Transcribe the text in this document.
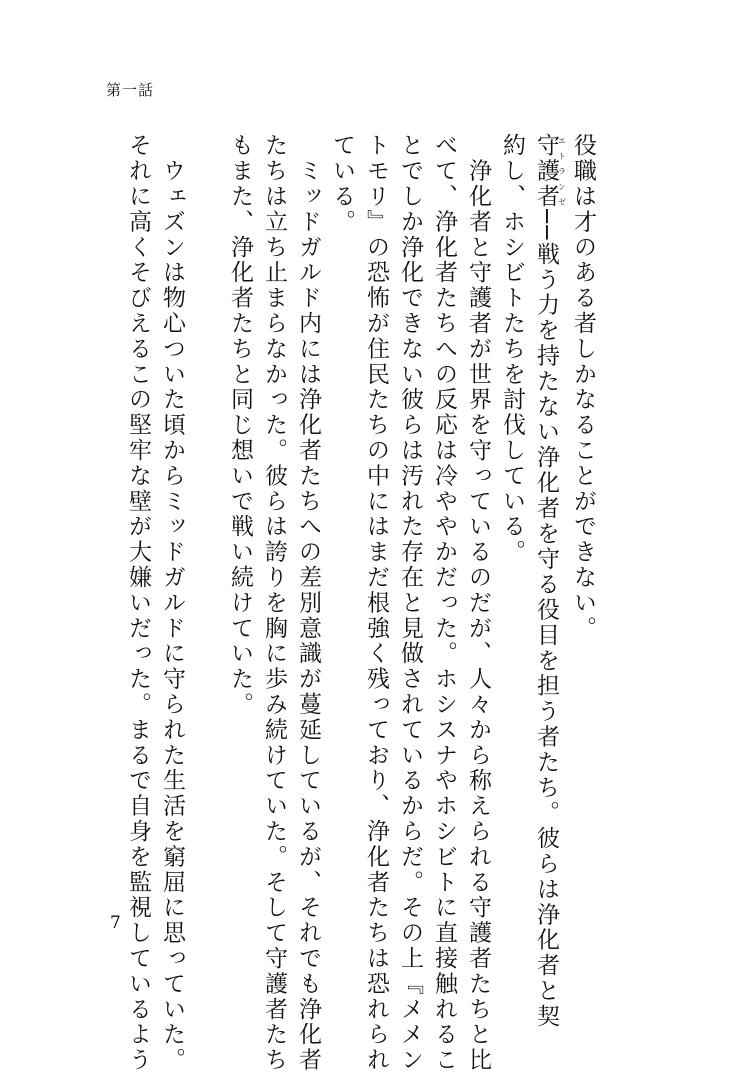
第一話

役職は才のある者しかなることができない。

守護者エトランゼ──戦う力を持たない浄化者を守る役目を担う者たち。彼らは浄化者と契

約し、ホシビトたちを討伐している。

　浄化者と守護者が世界を守っているのだが、人々から称えられる守護者たちと比

べて、浄化者たちへの反応は冷ややかだった。ホシスナやホシビトに直接触れるこ

とでしか浄化できない彼らは汚れた存在と見做されているからだ。その上『メメン

トモリ』の恐怖が住民たちの中にはまだ根強く残っており、浄化者たちは恐れられ

ている。

　ミッドガルド内には浄化者たちへの差別意識が蔓延しているが、それでも浄化者

たちは立ち止まらなかった。彼らは誇りを胸に歩み続けていた。そして守護者たち

もまた、浄化者たちと同じ想いで戦い続けていた。

　ウェズンは物心ついた頃からミッドガルドに守られた生活を窮屈に思っていた。

それに高くそびえるこの堅牢な壁が大嫌いだった。まるで自身を監視しているよう

7
